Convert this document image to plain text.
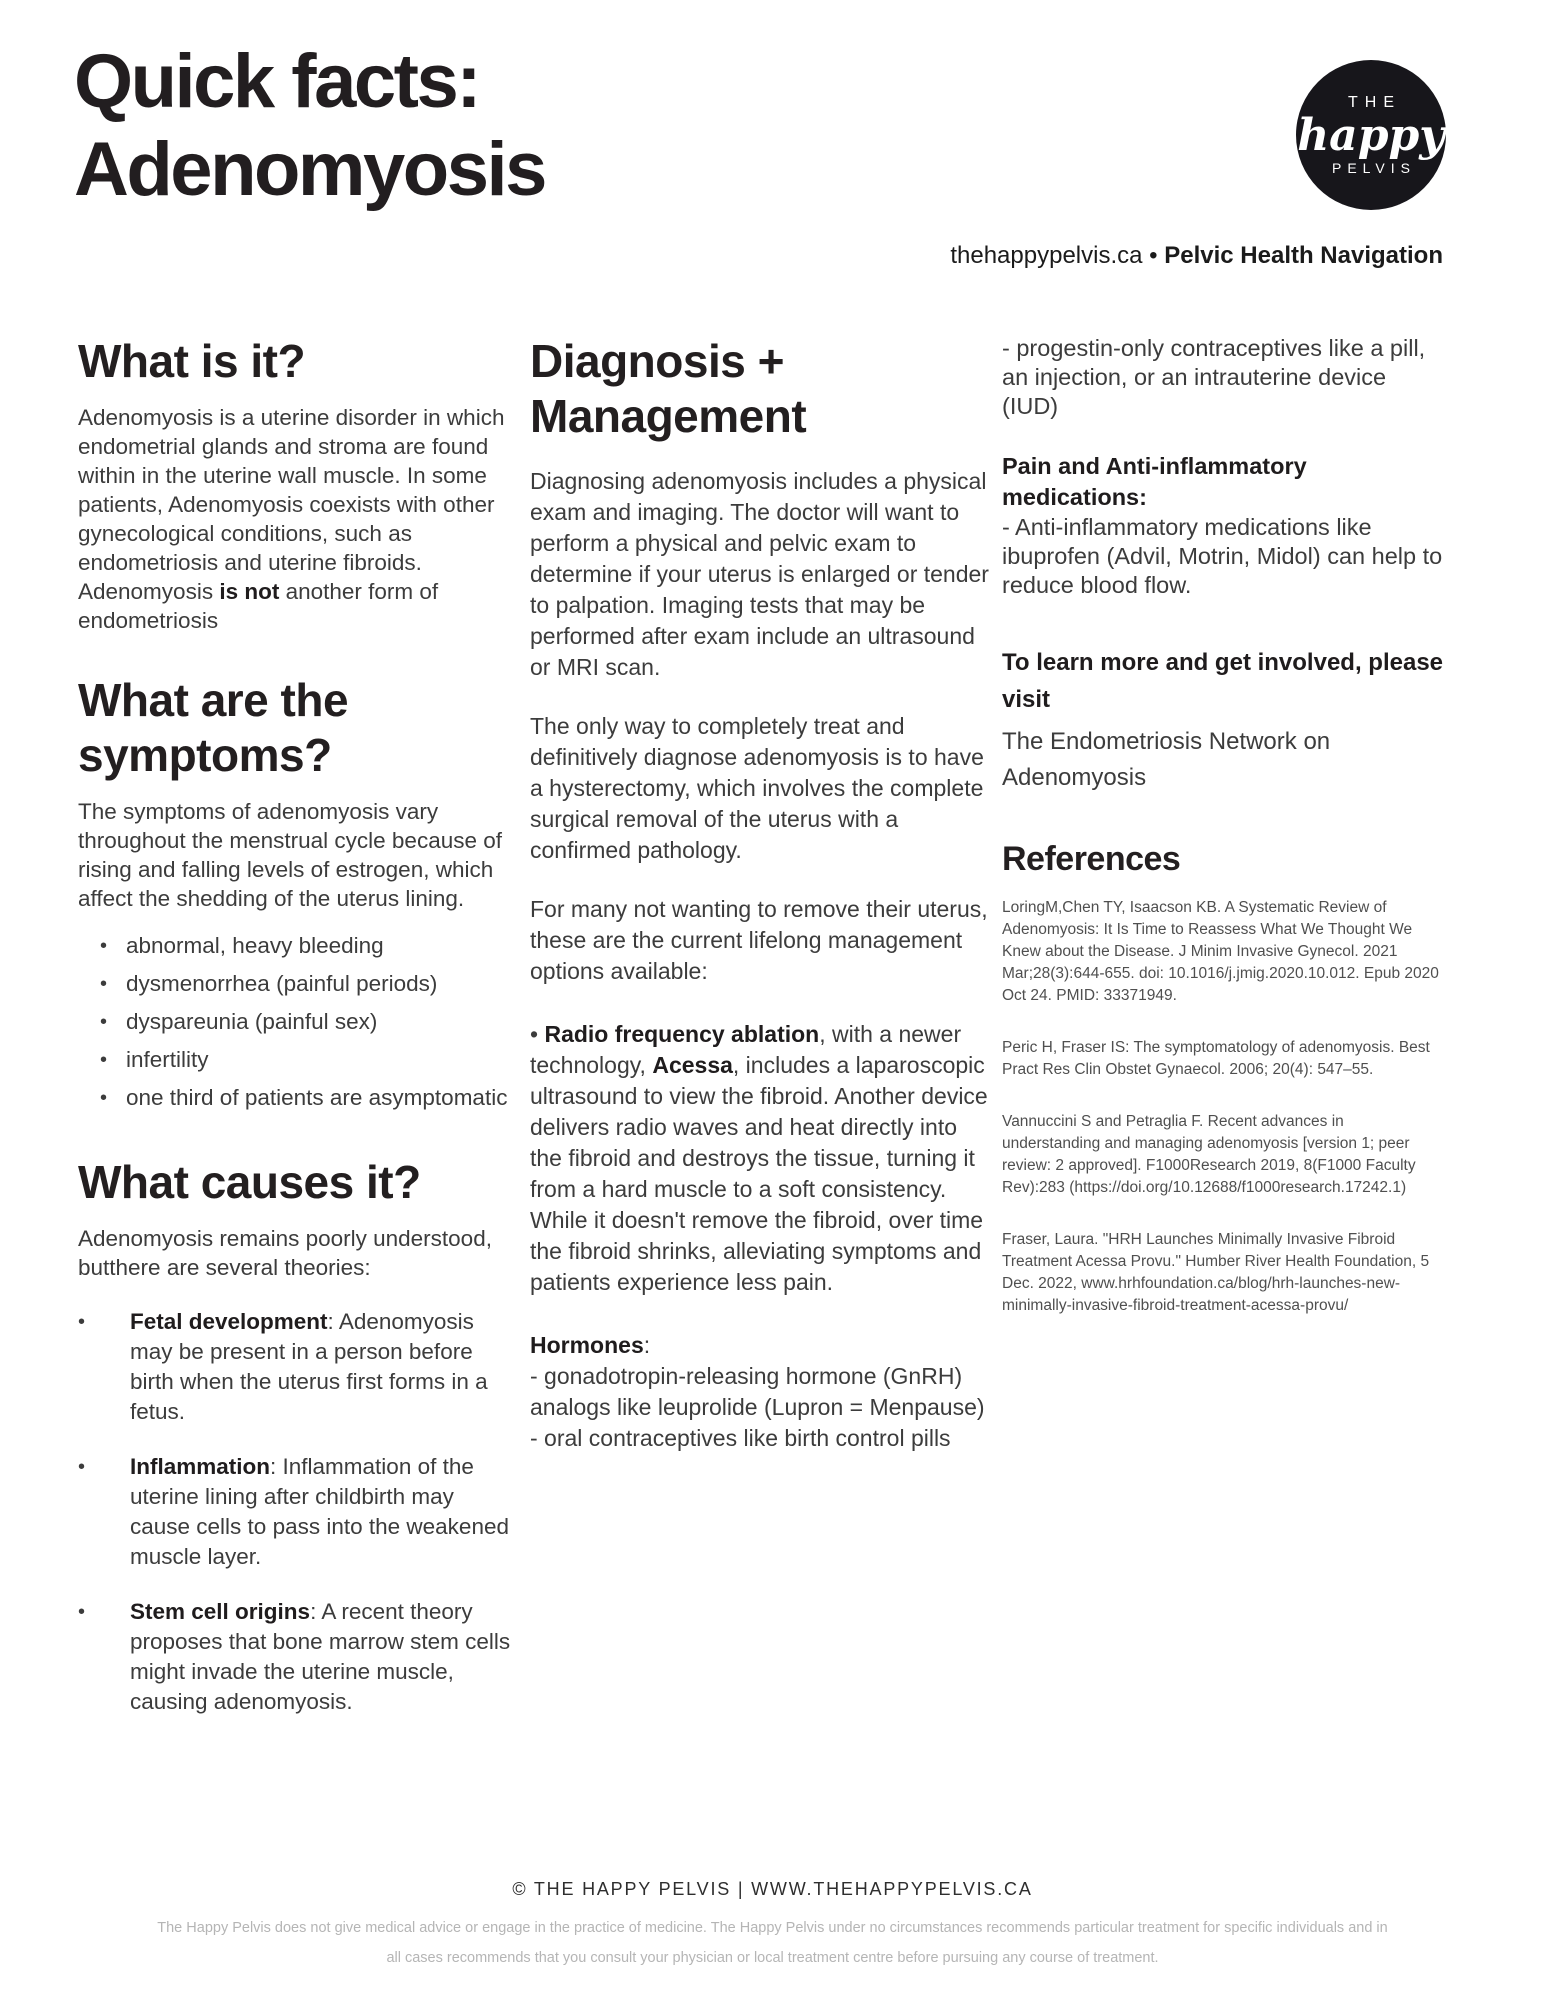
Quick facts:
Adenomyosis
THE
happy
PELVIS
thehappypelvis.ca • Pelvic Health Navigation
What is it?
Adenomyosis is a uterine disorder in which endometrial glands and stroma are found within in the uterine wall muscle. In some patients, Adenomyosis coexists with other gynecological conditions, such as endometriosis and uterine fibroids. Adenomyosis is not another form of endometriosis
What are the symptoms?
The symptoms of adenomyosis vary throughout the menstrual cycle because of rising and falling levels of estrogen, which affect the shedding of the uterus lining.
• abnormal, heavy bleeding
• dysmenorrhea (painful periods)
• dyspareunia (painful sex)
• infertility
• one third of patients are asymptomatic
What causes it?
Adenomyosis remains poorly understood, butthere are several theories:
•	Fetal development: Adenomyosis may be present in a person before birth when the uterus first forms in a fetus.
•	Inflammation: Inflammation of the uterine lining after childbirth may cause cells to pass into the weakened muscle layer.
•	Stem cell origins: A recent theory proposes that bone marrow stem cells might invade the uterine muscle, causing adenomyosis.
Diagnosis +
Management
Diagnosing adenomyosis includes a physical exam and imaging. The doctor will want to perform a physical and pelvic exam to determine if your uterus is enlarged or tender to palpation. Imaging tests that may be performed after exam include an ultrasound or MRI scan.
The only way to completely treat and definitively diagnose adenomyosis is to have a hysterectomy, which involves the complete surgical removal of the uterus with a confirmed pathology.
For many not wanting to remove their uterus, these are the current lifelong management options available:
• Radio frequency ablation, with a newer technology, Acessa, includes a laparoscopic ultrasound to view the fibroid. Another device delivers radio waves and heat directly into the fibroid and destroys the tissue, turning it from a hard muscle to a soft consistency. While it doesn't remove the fibroid, over time the fibroid shrinks, alleviating symptoms and patients experience less pain.
Hormones:
- gonadotropin-releasing hormone (GnRH) analogs like leuprolide (Lupron = Menpause)
- oral contraceptives like birth control pills
- progestin-only contraceptives like a pill, an injection, or an intrauterine device (IUD)
Pain and Anti-inflammatory medications:
- Anti-inflammatory medications like ibuprofen (Advil, Motrin, Midol) can help to reduce blood flow.
To learn more and get involved, please visit
The Endometriosis Network on Adenomyosis
References
LoringM,Chen TY, Isaacson KB. A Systematic Review of Adenomyosis: It Is Time to Reassess What We Thought We Knew about the Disease. J Minim Invasive Gynecol. 2021 Mar;28(3):644-655. doi: 10.1016/j.jmig.2020.10.012. Epub 2020 Oct 24. PMID: 33371949.
Peric H, Fraser IS: The symptomatology of adenomyosis. Best Pract Res Clin Obstet Gynaecol. 2006; 20(4): 547–55.
Vannuccini S and Petraglia F. Recent advances in understanding and managing adenomyosis [version 1; peer review: 2 approved]. F1000Research 2019, 8(F1000 Faculty Rev):283 (https://doi.org/10.12688/f1000research.17242.1)
Fraser, Laura. "HRH Launches Minimally Invasive Fibroid Treatment Acessa Provu." Humber River Health Foundation, 5 Dec. 2022, www.hrhfoundation.ca/blog/hrh-launches-new-minimally-invasive-fibroid-treatment-acessa-provu/
© THE HAPPY PELVIS | WWW.THEHAPPYPELVIS.CA
The Happy Pelvis does not give medical advice or engage in the practice of medicine. The Happy Pelvis under no circumstances recommends particular treatment for specific individuals and in
all cases recommends that you consult your physician or local treatment centre before pursuing any course of treatment.
